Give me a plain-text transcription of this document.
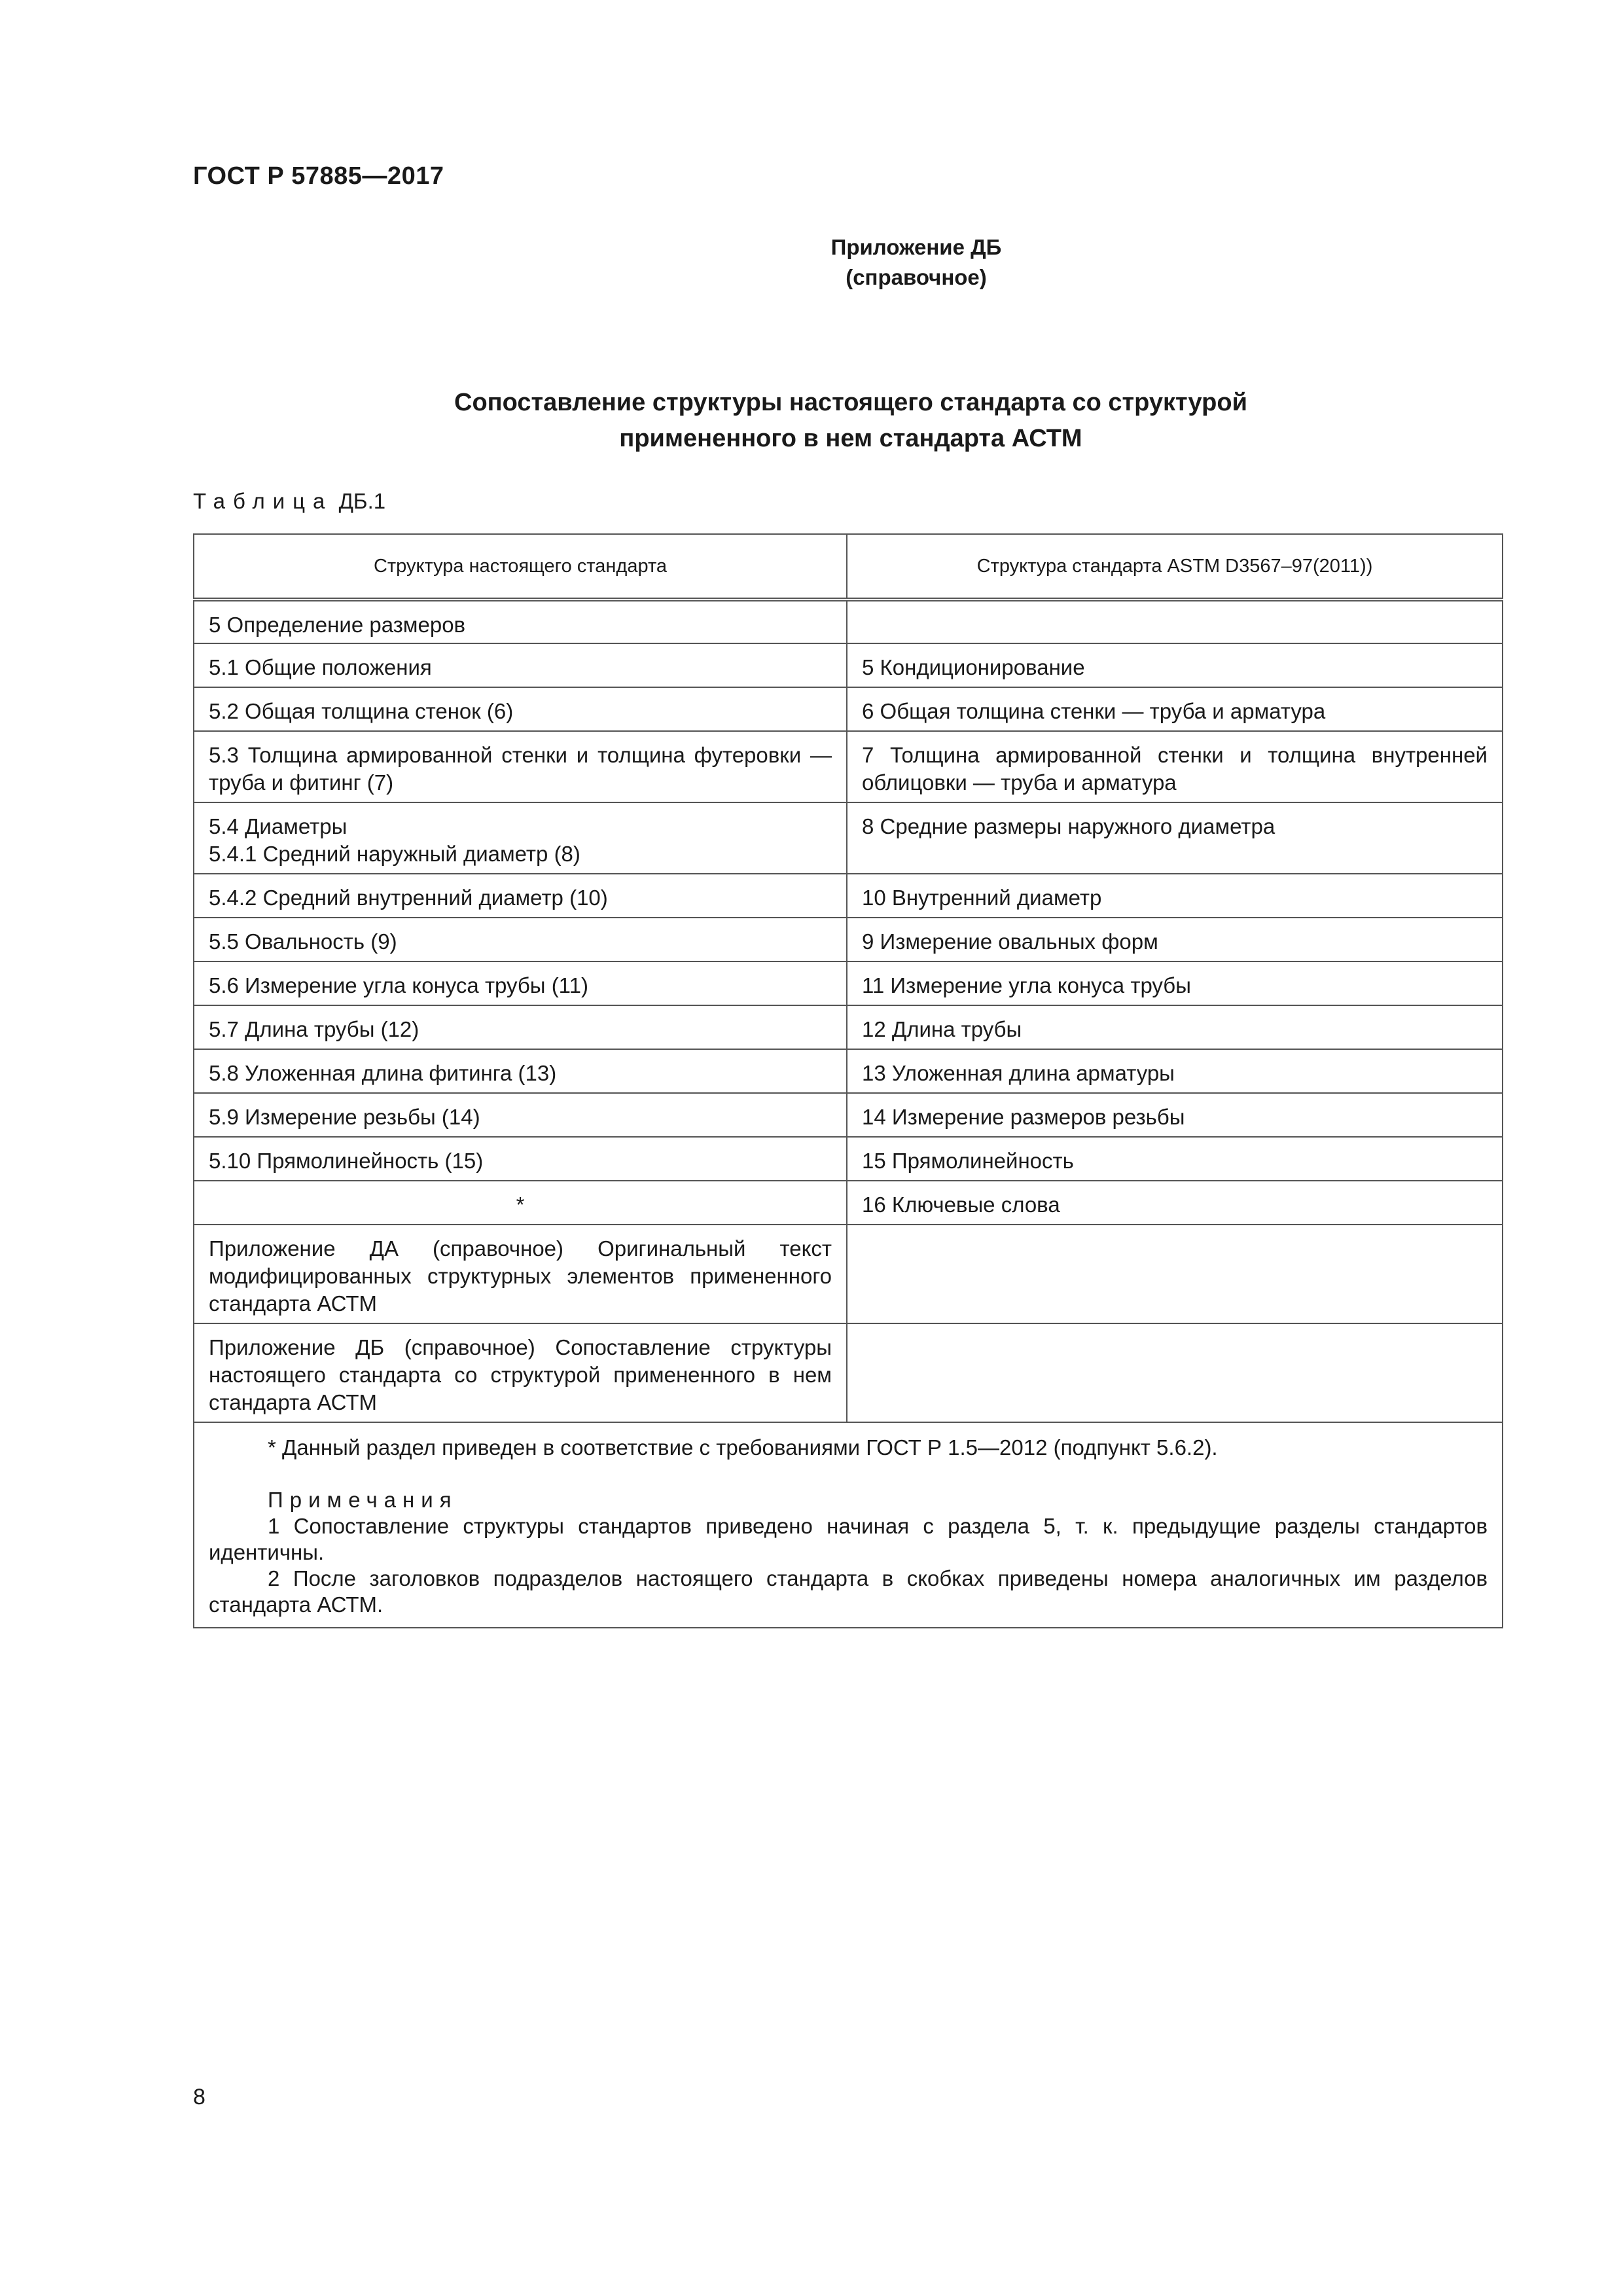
ГОСТ Р 57885—2017
Приложение ДБ
(справочное)
Сопоставление структуры настоящего стандарта со структурой
примененного в нем стандарта АСТМ
Таблица ДБ.1
Структура настоящего стандарта	Структура стандарта ASTM D3567–97(2011))

5 Определение размеров	

5.1 Общие положения	5 Кондиционирование

5.2 Общая толщина стенок (6)	6 Общая толщина стенки — труба и арматура

5.3 Толщина армированной стенки и толщина футеровки — труба и фитинг (7)	7 Толщина армированной стенки и толщина внутренней облицовки — труба и арматура

5.4 Диаметры
5.4.1 Средний наружный диаметр (8)	8 Средние размеры наружного диаметра

5.4.2 Средний внутренний диаметр (10)	10 Внутренний диаметр

5.5 Овальность (9)	9 Измерение овальных форм

5.6 Измерение угла конуса трубы (11)	11 Измерение угла конуса трубы

5.7 Длина трубы (12)	12 Длина трубы

5.8 Уложенная длина фитинга (13)	13 Уложенная длина арматуры

5.9 Измерение резьбы (14)	14 Измерение размеров резьбы

5.10 Прямолинейность (15)	15 Прямолинейность

*	16 Ключевые слова

Приложение ДА (справочное) Оригинальный текст модифицированных структурных элементов примененного стандарта АСТМ	

Приложение ДБ (справочное) Сопоставление структуры настоящего стандарта со структурой примененного в нем стандарта АСТМ	

* Данный раздел приведен в соответствие с требованиями ГОСТ Р 1.5—2012 (подпункт 5.6.2).
Примечания
1 Сопоставление структуры стандартов приведено начиная с раздела 5, т. к. предыдущие разделы стандартов идентичны.
2 После заголовков подразделов настоящего стандарта в скобках приведены номера аналогичных им разделов стандарта АСТМ.	
8
